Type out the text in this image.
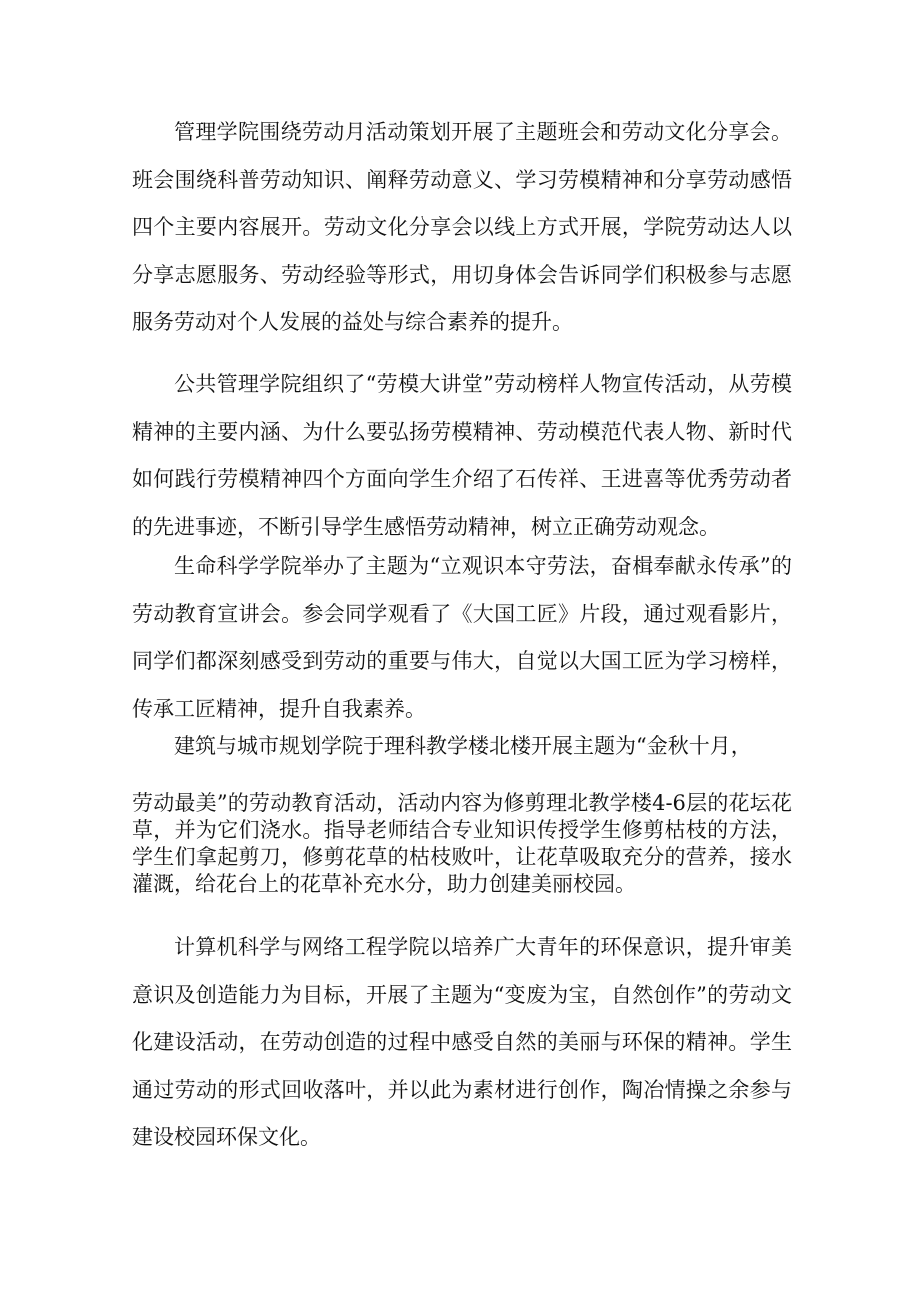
管理学院围绕劳动月活动策划开展了主题班会和劳动文化分享会。班会围绕科普劳动知识、阐释劳动意义、学习劳模精神和分享劳动感悟四个主要内容展开。劳动文化分享会以线上方式开展，学院劳动达人以分享志愿服务、劳动经验等形式，用切身体会告诉同学们积极参与志愿服务劳动对个人发展的益处与综合素养的提升。

公共管理学院组织了“劳模大讲堂”劳动榜样人物宣传活动，从劳模精神的主要内涵、为什么要弘扬劳模精神、劳动模范代表人物、新时代如何践行劳模精神四个方面向学生介绍了石传祥、王进喜等优秀劳动者的先进事迹，不断引导学生感悟劳动精神，树立正确劳动观念。

生命科学学院举办了主题为“立观识本守劳法，奋楫奉献永传承”的劳动教育宣讲会。参会同学观看了《大国工匠》片段，通过观看影片，同学们都深刻感受到劳动的重要与伟大，自觉以大国工匠为学习榜样，传承工匠精神，提升自我素养。

建筑与城市规划学院于理科教学楼北楼开展主题为“金秋十月，

劳动最美”的劳动教育活动，活动内容为修剪理北教学楼4-6层的花坛花草，并为它们浇水。指导老师结合专业知识传授学生修剪枯枝的方法，学生们拿起剪刀，修剪花草的枯枝败叶，让花草吸取充分的营养，接水灌溉，给花台上的花草补充水分，助力创建美丽校园。

计算机科学与网络工程学院以培养广大青年的环保意识，提升审美意识及创造能力为目标，开展了主题为“变废为宝，自然创作”的劳动文化建设活动，在劳动创造的过程中感受自然的美丽与环保的精神。学生通过劳动的形式回收落叶，并以此为素材进行创作，陶冶情操之余参与建设校园环保文化。
